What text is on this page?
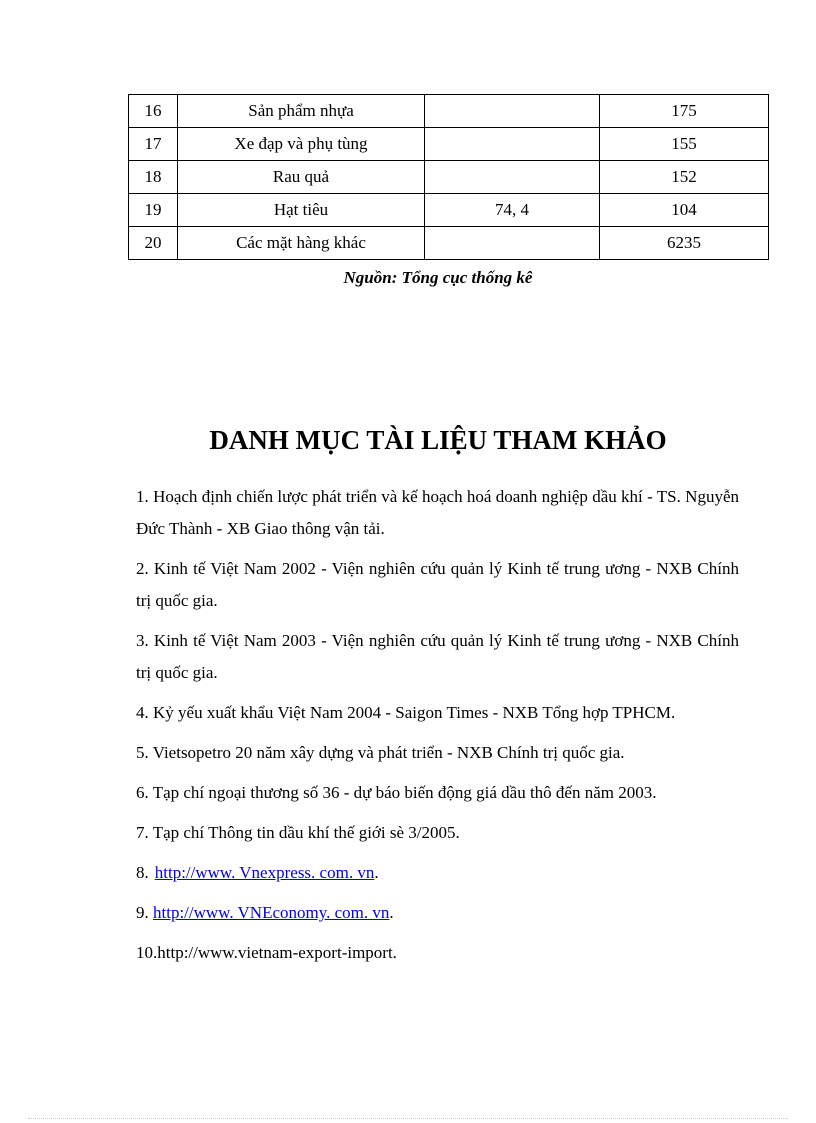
16	Sản phẩm nhựa		175
17	Xe đạp và phụ tùng		155
18	Rau quả		152
19	Hạt tiêu	74, 4	104
20	Các mặt hàng khác		6235
Nguồn: Tổng cục thống kê
DANH MỤC TÀI LIỆU THAM KHẢO

1. Hoạch định chiến lược phát triển và kế hoạch hoá doanh nghiệp dầu khí - TS. Nguyễn Đức Thành - XB Giao thông vận tải.

2. Kinh tế Việt Nam 2002 - Viện nghiên cứu quản lý Kinh tế trung ương - NXB Chính trị quốc gia.

3. Kinh tế Việt Nam 2003 - Viện nghiên cứu quản lý Kinh tế trung ương - NXB Chính trị quốc gia.

4. Kỷ yếu xuất khẩu Việt Nam 2004 - Saigon Times - NXB Tổng hợp TPHCM.

5. Vietsopetro 20 năm xây dựng và phát triển - NXB Chính trị quốc gia.

6. Tạp chí ngoại thương số 36 - dự báo biến động giá dầu thô đến năm 2003.

7. Tạp chí Thông tin dầu khí thế giới sè 3/2005.

8. http://www. Vnexpress. com. vn.

9. http://www. VNEconomy. com. vn.

10.http://www.vietnam-export-import.
